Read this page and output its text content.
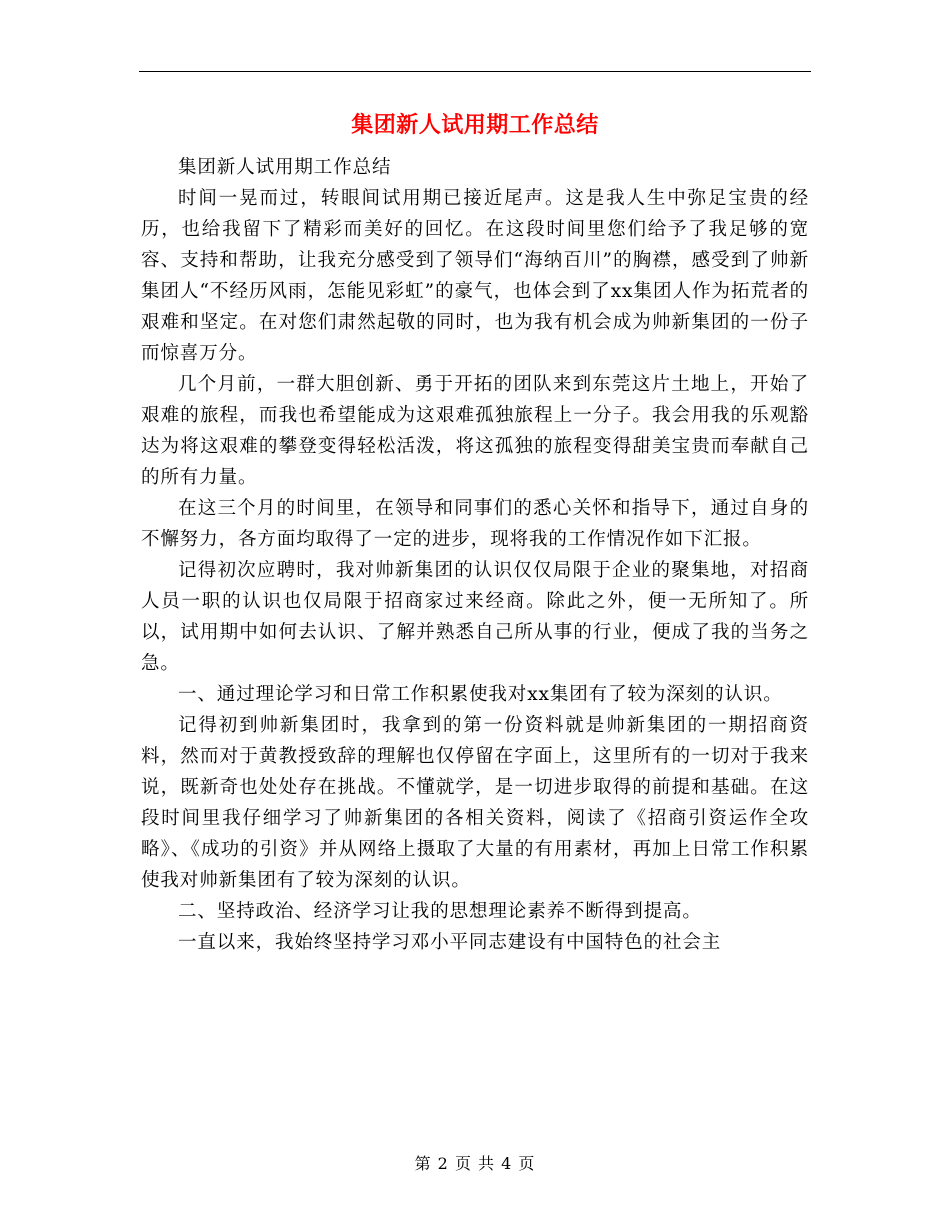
集团新人试用期工作总结

集团新人试用期工作总结

时间一晃而过，转眼间试用期已接近尾声。这是我人生中弥足宝贵的经历，也给我留下了精彩而美好的回忆。在这段时间里您们给予了我足够的宽容、支持和帮助，让我充分感受到了领导们“海纳百川”的胸襟，感受到了帅新集团人“不经历风雨，怎能见彩虹”的豪气，也体会到了xx集团人作为拓荒者的艰难和坚定。在对您们肃然起敬的同时，也为我有机会成为帅新集团的一份子而惊喜万分。

几个月前，一群大胆创新、勇于开拓的团队来到东莞这片土地上，开始了艰难的旅程，而我也希望能成为这艰难孤独旅程上一分子。我会用我的乐观豁达为将这艰难的攀登变得轻松活泼，将这孤独的旅程变得甜美宝贵而奉献自己的所有力量。

在这三个月的时间里，在领导和同事们的悉心关怀和指导下，通过自身的不懈努力，各方面均取得了一定的进步，现将我的工作情况作如下汇报。

记得初次应聘时，我对帅新集团的认识仅仅局限于企业的聚集地，对招商人员一职的认识也仅局限于招商家过来经商。除此之外，便一无所知了。所以，试用期中如何去认识、了解并熟悉自己所从事的行业，便成了我的当务之急。

一、通过理论学习和日常工作积累使我对xx集团有了较为深刻的认识。

记得初到帅新集团时，我拿到的第一份资料就是帅新集团的一期招商资料，然而对于黄教授致辞的理解也仅停留在字面上，这里所有的一切对于我来说，既新奇也处处存在挑战。不懂就学，是一切进步取得的前提和基础。在这段时间里我仔细学习了帅新集团的各相关资料，阅读了《招商引资运作全攻略》、《成功的引资》并从网络上摄取了大量的有用素材，再加上日常工作积累使我对帅新集团有了较为深刻的认识。

二、坚持政治、经济学习让我的思想理论素养不断得到提高。

一直以来，我始终坚持学习邓小平同志建设有中国特色的社会主

第 2 页 共 4 页
